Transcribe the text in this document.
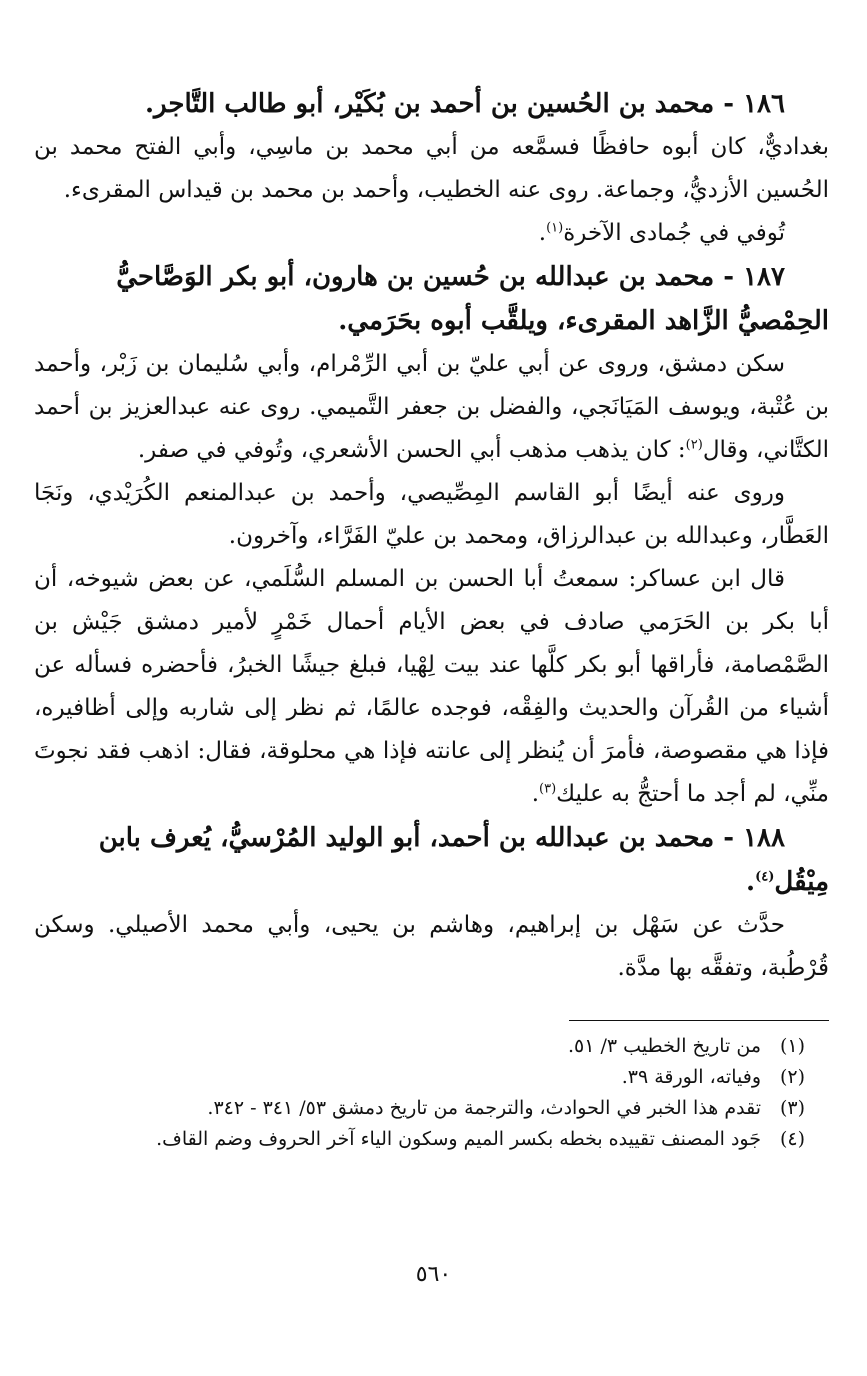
١٨٦ - محمد بن الحُسين بن أحمد بن بُكَيْر، أبو طالب التَّاجر.

بغداديٌّ، كان أبوه حافظًا فسمَّعه من أبي محمد بن ماسِي، وأبي الفتح محمد بن الحُسين الأزديُّ، وجماعة. روى عنه الخطيب، وأحمد بن محمد بن قيداس المقرىء.

تُوفي في جُمادى الآخرة$^{(١)}$.

١٨٧ - محمد بن عبدالله بن حُسين بن هارون، أبو بكر الوَصَّاحيُّ الحِمْصيُّ الزَّاهد المقرىء، ويلقَّب أبوه بحَرَمي.

سكن دمشق، وروى عن أبي عليّ بن أبي الرِّمْرام، وأبي سُليمان بن زَبْر، وأحمد بن عُتْبة، ويوسف المَيَانَجي، والفضل بن جعفر التَّميمي. روى عنه عبدالعزيز بن أحمد الكتَّاني، وقال$^{(٢)}$: كان يذهب مذهب أبي الحسن الأشعري، وتُوفي في صفر.

وروى عنه أيضًا أبو القاسم المِصِّيصي، وأحمد بن عبدالمنعم الكُرَيْدي، ونَجَا العَطَّار، وعبدالله بن عبدالرزاق، ومحمد بن عليّ الفَرَّاء، وآخرون.

قال ابن عساكر: سمعتُ أبا الحسن بن المسلم السُّلَمي، عن بعض شيوخه، أن أبا بكر بن الحَرَمي صادف في بعض الأيام أحمال خَمْرٍ لأمير دمشق جَيْش بن الصَّمْصامة، فأراقها أبو بكر كلَّها عند بيت لِهْيا، فبلغ جيشًا الخبرُ، فأحضره فسأله عن أشياء من القُرآن والحديث والفِقْه، فوجده عالمًا، ثم نظر إلى شاربه وإلى أظافيره، فإذا هي مقصوصة، فأمرَ أن يُنظر إلى عانته فإذا هي محلوقة، فقال: اذهب فقد نجوتَ منِّي، لم أجد ما أحتجُّ به عليك$^{(٣)}$.

١٨٨ - محمد بن عبدالله بن أحمد، أبو الوليد المُرْسيُّ، يُعرف بابن مِيْقُل$^{(٤)}$.

حدَّث عن سَهْل بن إبراهيم، وهاشم بن يحيى، وأبي محمد الأصيلي. وسكن قُرْطُبة، وتفقَّه بها مدَّة.

(١)من تاريخ الخطيب ٣/ ٥١.

(٢)وفياته، الورقة ٣٩.

(٣)تقدم هذا الخبر في الحوادث، والترجمة من تاريخ دمشق ٥٣/ ٣٤١ - ٣٤٢.

(٤)جَود المصنف تقييده بخطه بكسر الميم وسكون الياء آخر الحروف وضم القاف.

٥٦٠
